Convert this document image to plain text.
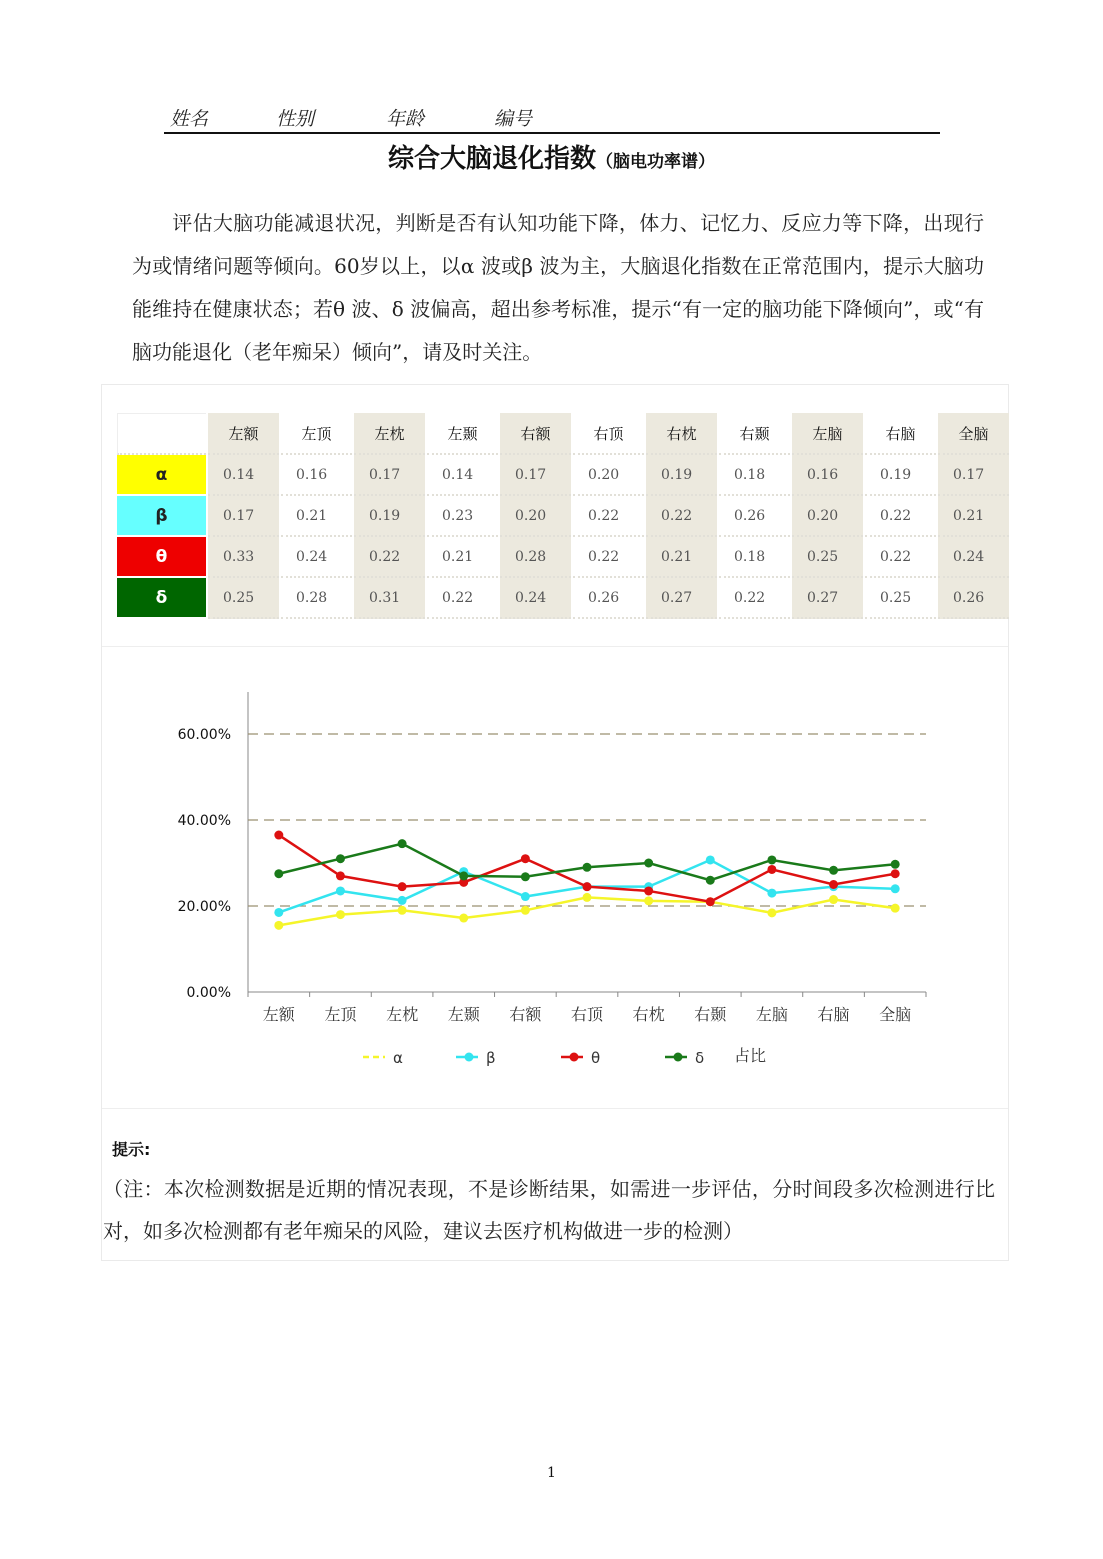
姓名	性别	年龄	编号
综合大脑退化指数（脑电功率谱）
评估大脑功能减退状况，判断是否有认知功能下降，体力、记忆力、反应力等下降，出现行为或情绪问题等倾向。60岁以上，以α 波或β 波为主，大脑退化指数在正常范围内，提示大脑功能维持在健康状态；若θ 波、δ 波偏高，超出参考标准，提示“有一定的脑功能下降倾向”，或“有脑功能退化（老年痴呆）倾向”，请及时关注。
	左额	左顶	左枕	左颞	右额	右顶	右枕	右颞	左脑	右脑	全脑
α	0.14	0.16	0.17	0.14	0.17	0.20	0.19	0.18	0.16	0.19	0.17
β	0.17	0.21	0.19	0.23	0.20	0.22	0.22	0.26	0.20	0.22	0.21
θ	0.33	0.24	0.22	0.21	0.28	0.22	0.21	0.18	0.25	0.22	0.24
δ	0.25	0.28	0.31	0.22	0.24	0.26	0.27	0.22	0.27	0.25	0.26
0.00%
20.00%
40.00%
60.00%
左额 左顶 左枕 左颞 右额 右顶 右枕 右颞 左脑 右脑 全脑
α	β	θ	δ 占比
提示:
（注：本次检测数据是近期的情况表现，不是诊断结果，如需进一步评估，分时间段多次检测进行比对，如多次检测都有老年痴呆的风险，建议去医疗机构做进一步的检测）
1
